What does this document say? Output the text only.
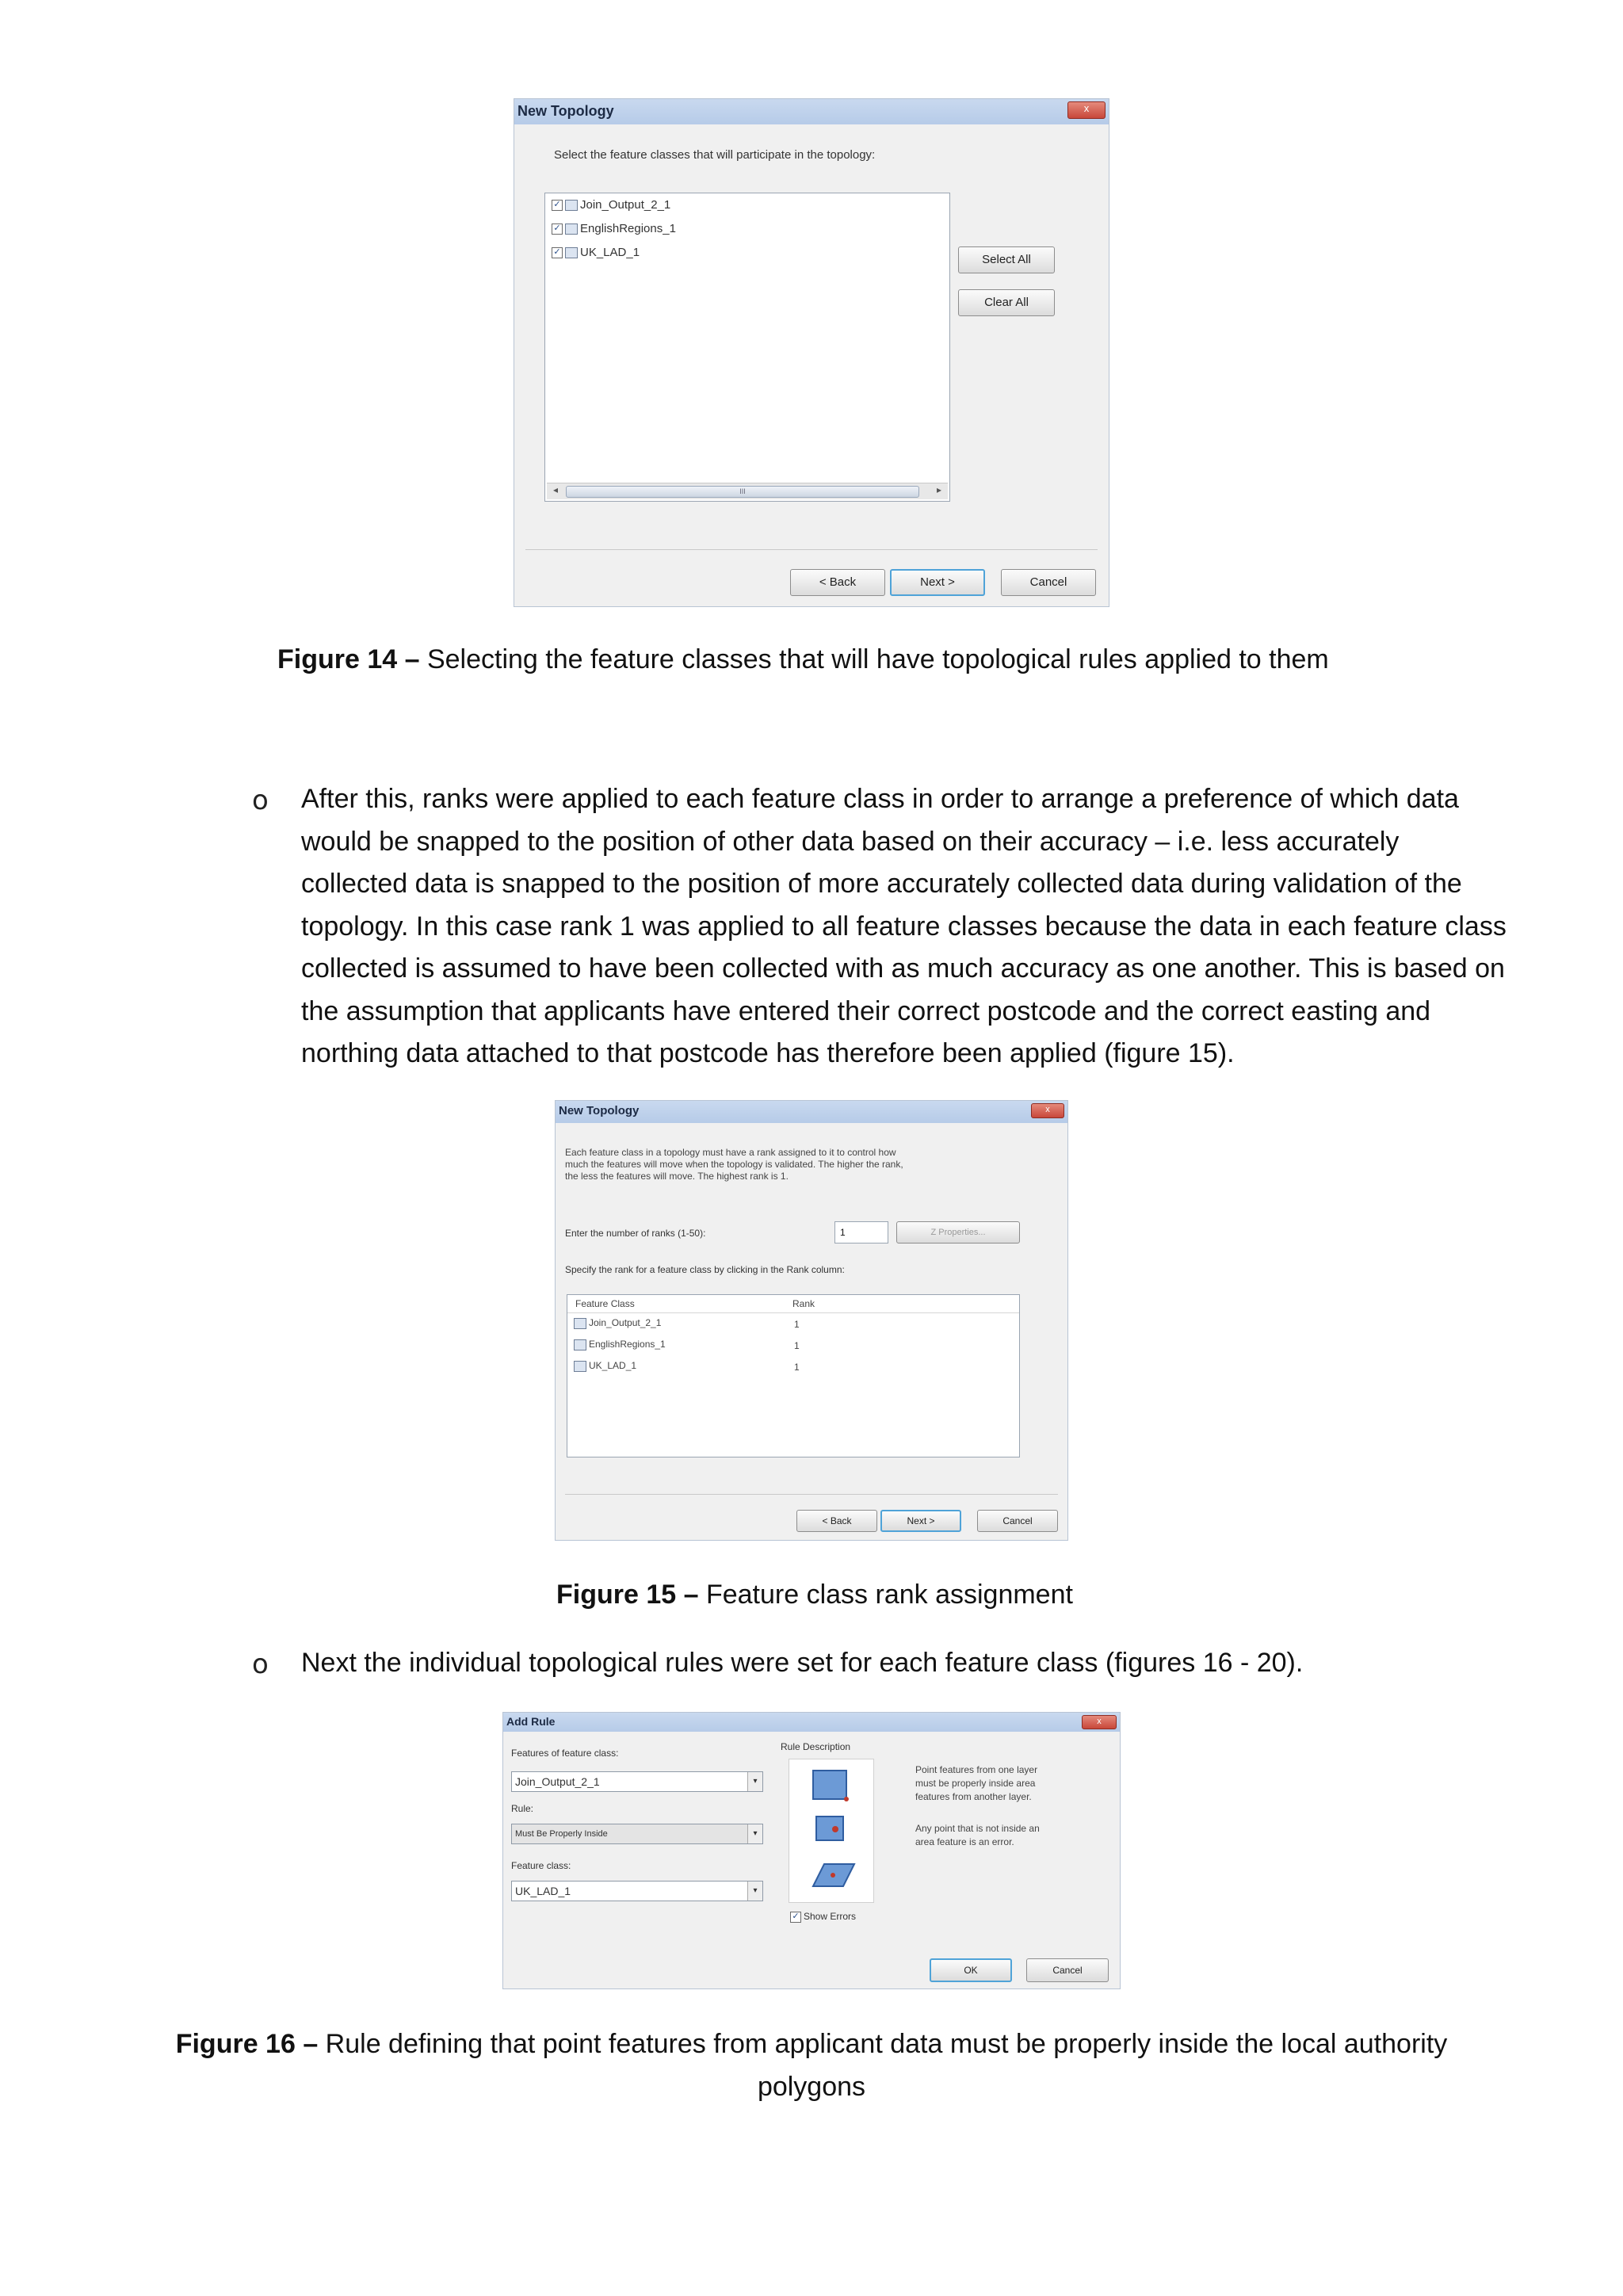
New Topology	x
Select the feature classes that will participate in the topology:
✓ Join_Output_2_1
✓ EnglishRegions_1
✓ UK_LAD_1
◂	III	▸
Select All
Clear All
< Back	Next >	Cancel
Figure 14 – Selecting the feature classes that will have topological rules applied to them
o After this, ranks were applied to each feature class in order to arrange a preference of which data
would be snapped to the position of other data based on their accuracy – i.e. less accurately
collected data is snapped to the position of more accurately collected data during validation of the
topology. In this case rank 1 was applied to all feature classes because the data in each feature class
collected is assumed to have been collected with as much accuracy as one another. This is based on
the assumption that applicants have entered their correct postcode and the correct easting and
northing data attached to that postcode has therefore been applied (figure 15).
New Topology	x
Each feature class in a topology must have a rank assigned to it to control how
much the features will move when the topology is validated. The higher the rank,
the less the features will move. The highest rank is 1.
Enter the number of ranks (1-50):	1	Z Properties...
Specify the rank for a feature class by clicking in the Rank column:
Feature Class	Rank
Join_Output_2_1	1
EnglishRegions_1	1
UK_LAD_1	1
< Back	Next >	Cancel
Figure 15 – Feature class rank assignment
o Next the individual topological rules were set for each feature class (figures 16 - 20).
Add Rule	x
Features of feature class:
Join_Output_2_1	▾
Rule:
Must Be Properly Inside	▾
Feature class:
UK_LAD_1	▾
Rule Description
Point features from one layer
must be properly inside area
features from another layer.
Any point that is not inside an
area feature is an error.
✓ Show Errors
OK	Cancel
Figure 16 – Rule defining that point features from applicant data must be properly inside the local authority
polygons
